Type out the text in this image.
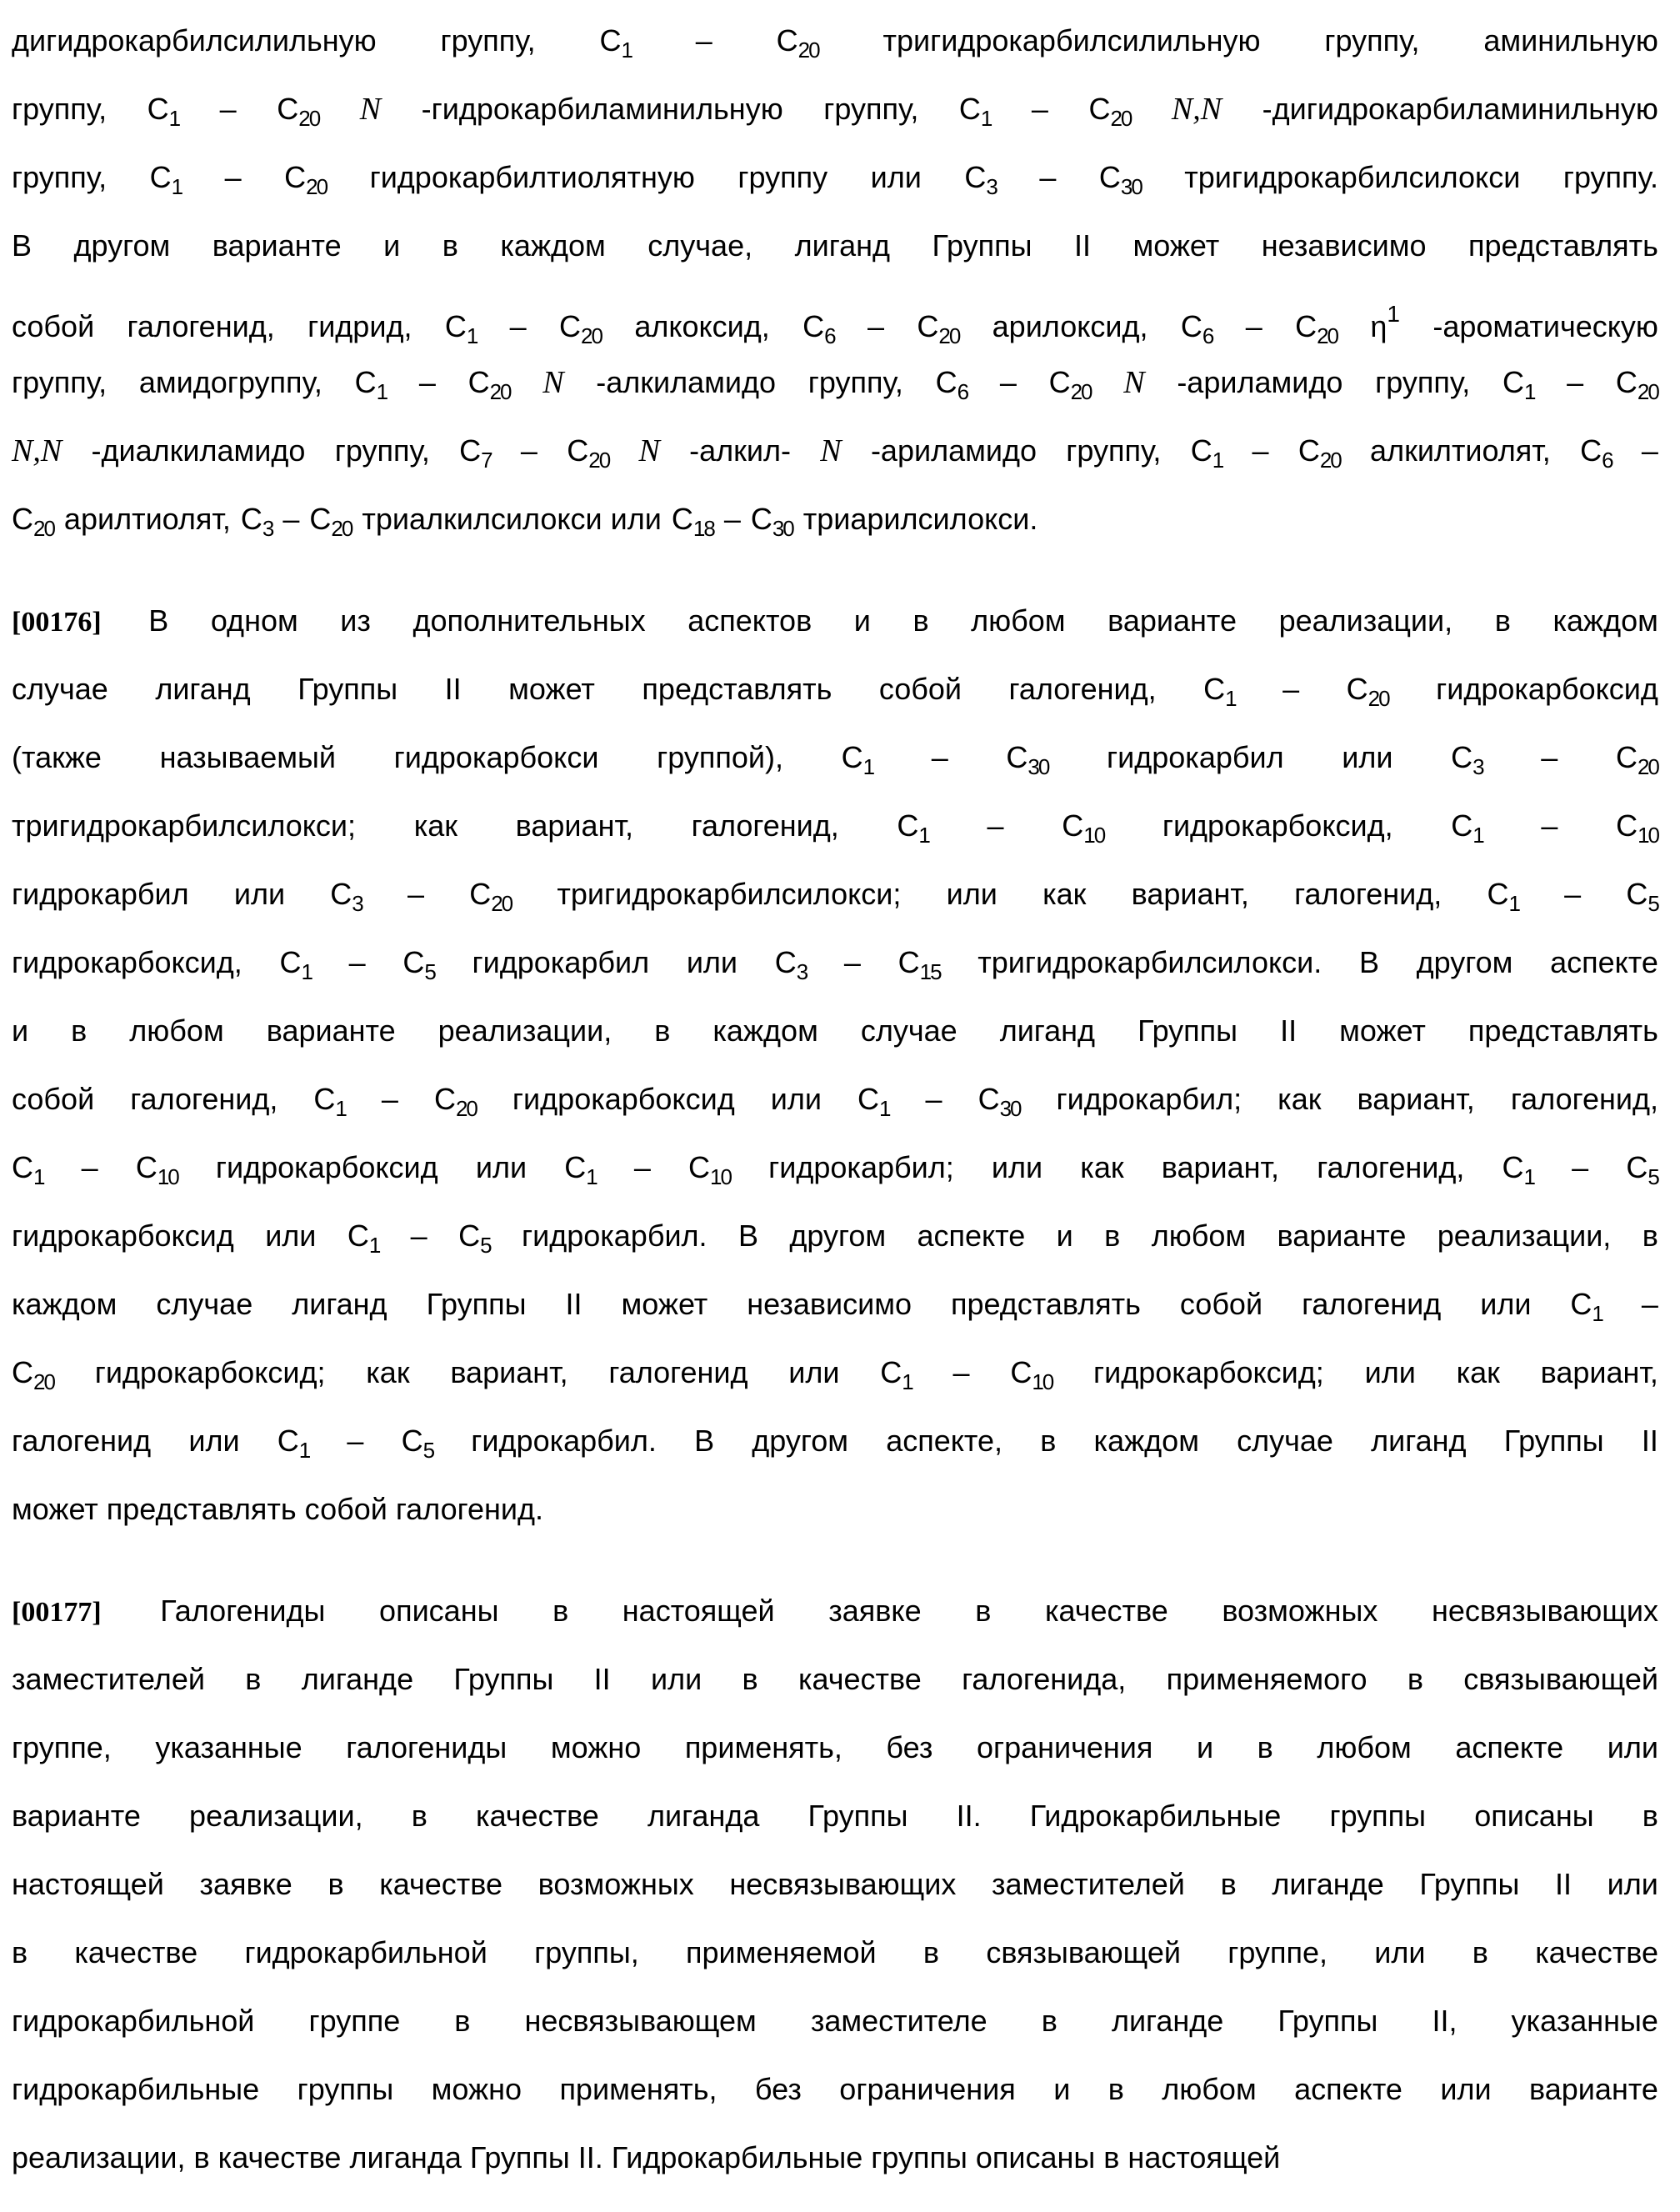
дигидрокарбилсилильную группу, $C_1 - C_{20}$ тригидрокарбилсилильную группу, аминильную
группу, $C_1 - C_{20}$ N -гидрокарбиламинильную группу, $C_1 - C_{20}$ N,N -дигидрокарбиламинильную
группу, $C_1 - C_{20}$ гидрокарбилтиолятную группу или $C_3 - C_{30}$ тригидрокарбилсилокси группу.
В другом варианте и в каждом случае, лиганд Группы II может независимо представлять
собой галогенид, гидрид, $C_1 - C_{20}$ алкоксид, $C_6 - C_{20}$ арилоксид, $C_6 - C_{20}$ $\eta^1$ -ароматическую
группу, амидогруппу, $C_1 - C_{20}$ N -алкиламидо группу, $C_6 - C_{20}$ N -ариламидо группу, $C_1 - C_{20}$
N,N -диалкиламидо группу, $C_7 - C_{20}$ N -алкил- N -ариламидо группу, $C_1 - C_{20}$ алкилтиолят, $C_6$ –
$C_{20}$ арилтиолят, $C_3 - C_{20}$ триалкилсилокси или $C_{18} - C_{30}$ триарилсилокси.
[00176] В одном из дополнительных аспектов и в любом варианте реализации, в каждом
случае лиганд Группы II может представлять собой галогенид, $C_1 - C_{20}$ гидрокарбоксид
(также называемый гидрокарбокси группой), $C_1 - C_{30}$ гидрокарбил или $C_3 - C_{20}$
тригидрокарбилсилокси; как вариант, галогенид, $C_1 - C_{10}$ гидрокарбоксид, $C_1 - C_{10}$
гидрокарбил или $C_3 - C_{20}$ тригидрокарбилсилокси; или как вариант, галогенид, $C_1 - C_5$
гидрокарбоксид, $C_1 - C_5$ гидрокарбил или $C_3 - C_{15}$ тригидрокарбилсилокси. В другом аспекте
и в любом варианте реализации, в каждом случае лиганд Группы II может представлять
собой галогенид, $C_1 - C_{20}$ гидрокарбоксид или $C_1 - C_{30}$ гидрокарбил; как вариант, галогенид,
$C_1 - C_{10}$ гидрокарбоксид или $C_1 - C_{10}$ гидрокарбил; или как вариант, галогенид, $C_1 - C_5$
гидрокарбоксид или $C_1 - C_5$ гидрокарбил. В другом аспекте и в любом варианте реализации, в
каждом случае лиганд Группы II может независимо представлять собой галогенид или $C_1$ –
$C_{20}$ гидрокарбоксид; как вариант, галогенид или $C_1 - C_{10}$ гидрокарбоксид; или как вариант,
галогенид или $C_1 - C_5$ гидрокарбил. В другом аспекте, в каждом случае лиганд Группы II
может представлять собой галогенид.
[00177] Галогениды описаны в настоящей заявке в качестве возможных несвязывающих
заместителей в лиганде Группы II или в качестве галогенида, применяемого в связывающей
группе, указанные галогениды можно применять, без ограничения и в любом аспекте или
варианте реализации, в качестве лиганда Группы II. Гидрокарбильные группы описаны в
настоящей заявке в качестве возможных несвязывающих заместителей в лиганде Группы II или
в качестве гидрокарбильной группы, применяемой в связывающей группе, или в качестве
гидрокарбильной группе в несвязывающем заместителе в лиганде Группы II, указанные
гидрокарбильные группы можно применять, без ограничения и в любом аспекте или варианте
реализации, в качестве лиганда Группы II. Гидрокарбильные группы описаны в настоящей
